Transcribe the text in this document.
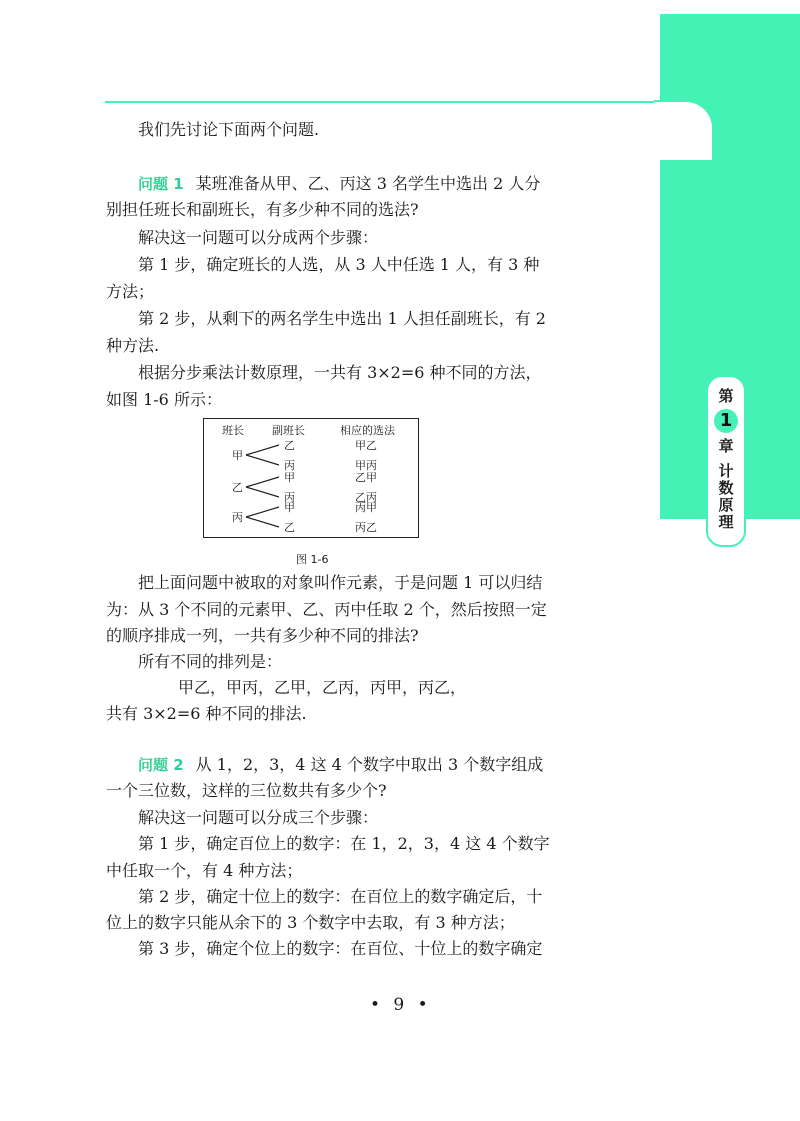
第
1
章
计
数
原
理
我们先讨论下面两个问题.
问题 1 某班准备从甲、乙、丙这 3 名学生中选出 2 人分
别担任班长和副班长，有多少种不同的选法?
解决这一问题可以分成两个步骤：
第 1 步，确定班长的人选，从 3 人中任选 1 人，有 3 种
方法；
第 2 步，从剩下的两名学生中选出 1 人担任副班长，有 2
种方法.
根据分步乘法计数原理，一共有 3×2=6 种不同的方法，
如图 1-6 所示：
班长	副班长	相应的选法
甲
乙
丙
甲乙
甲丙
乙
甲
丙
乙甲
乙丙
丙
甲
乙
丙甲
丙乙
图 1-6
把上面问题中被取的对象叫作元素，于是问题 1 可以归结
为：从 3 个不同的元素甲、乙、丙中任取 2 个，然后按照一定
的顺序排成一列，一共有多少种不同的排法?
所有不同的排列是：
甲乙，甲丙，乙甲，乙丙，丙甲，丙乙，
共有 3×2=6 种不同的排法.
问题 2 从 1，2，3，4 这 4 个数字中取出 3 个数字组成
一个三位数，这样的三位数共有多少个?
解决这一问题可以分成三个步骤：
第 1 步，确定百位上的数字：在 1，2，3，4 这 4 个数字
中任取一个，有 4 种方法；
第 2 步，确定十位上的数字：在百位上的数字确定后，十
位上的数字只能从余下的 3 个数字中去取，有 3 种方法；
第 3 步，确定个位上的数字：在百位、十位上的数字确定
• 9 •
